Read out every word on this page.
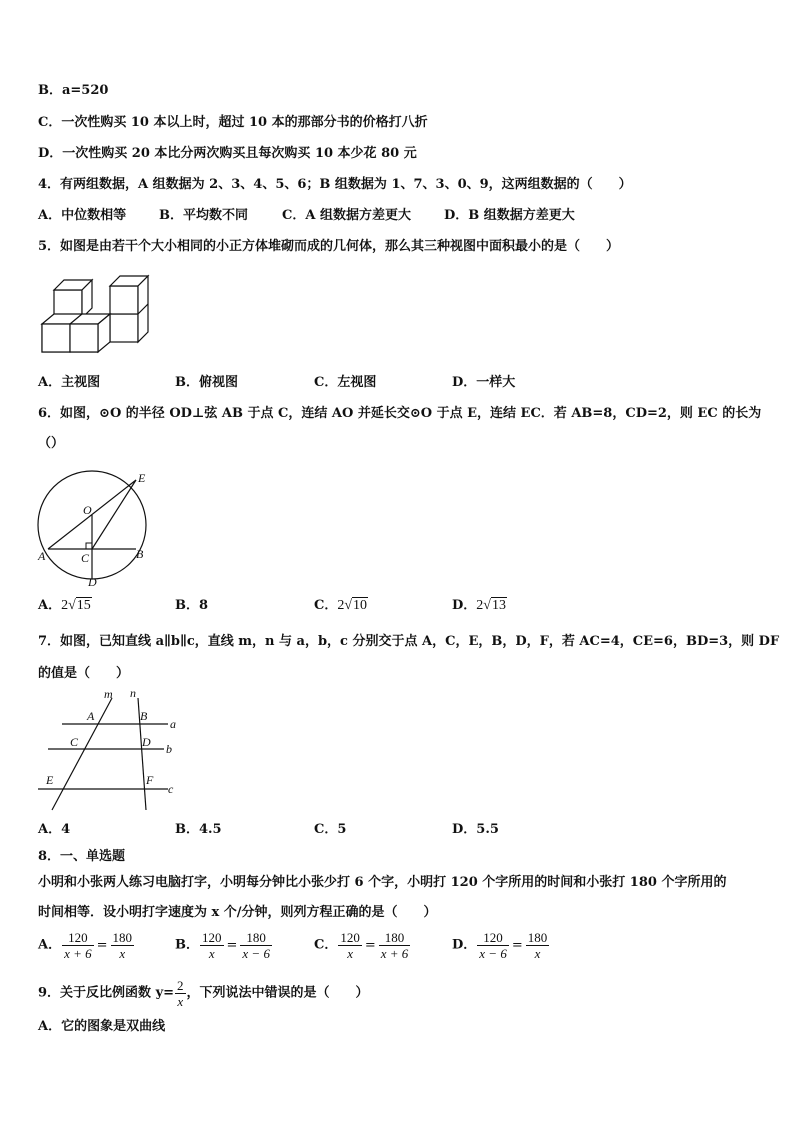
B．a=520
C．一次性购买 10 本以上时，超过 10 本的那部分书的价格打八折
D．一次性购买 20 本比分两次购买且每次购买 10 本少花 80 元
4．有两组数据，A 组数据为 2、3、4、5、6；B 组数据为 1、7、3、0、9，这两组数据的（　　）
A．中位数相等	B．平均数不同	C．A 组数据方差更大	D．B 组数据方差更大
5．如图是由若干个大小相同的小正方体堆砌而成的几何体，那么其三种视图中面积最小的是（　　）
A．主视图	B．俯视图	C．左视图	D．一样大
6．如图，⊙O 的半径 OD⊥弦 AB 于点 C，连结 AO 并延长交⊙O 于点 E，连结 EC．若 AB=8，CD=2，则 EC 的长为
（）
E
O
A	C	B
D
A．2√15	B．8	C．2√10	D．2√13
7．如图，已知直线 a∥b∥c，直线 m，n 与 a，b，c 分别交于点 A，C，E，B，D，F，若 AC=4，CE=6，BD=3，则 DF
的值是（　　）
m n
A	B
a
C	D b
E	F
c
A．4	B．4.5	C．5	D．5.5
8．一、单选题
小明和小张两人练习电脑打字，小明每分钟比小张少打 6 个字，小明打 120 个字所用的时间和小张打 180 个字所用的
时间相等．设小明打字速度为 x 个/分钟，则列方程正确的是（　　）
A． $\frac{120}{x + 6} = \frac{180}{x}$	B． $\frac{120}{x} = \frac{180}{x - 6}$	C． $\frac{120}{x} = \frac{180}{x + 6}$	D． $\frac{120}{x - 6} = \frac{180}{x}$
9．关于反比例函数 $y= \frac{2}{x}$ ，下列说法中错误的是（　　）
A．它的图象是双曲线
